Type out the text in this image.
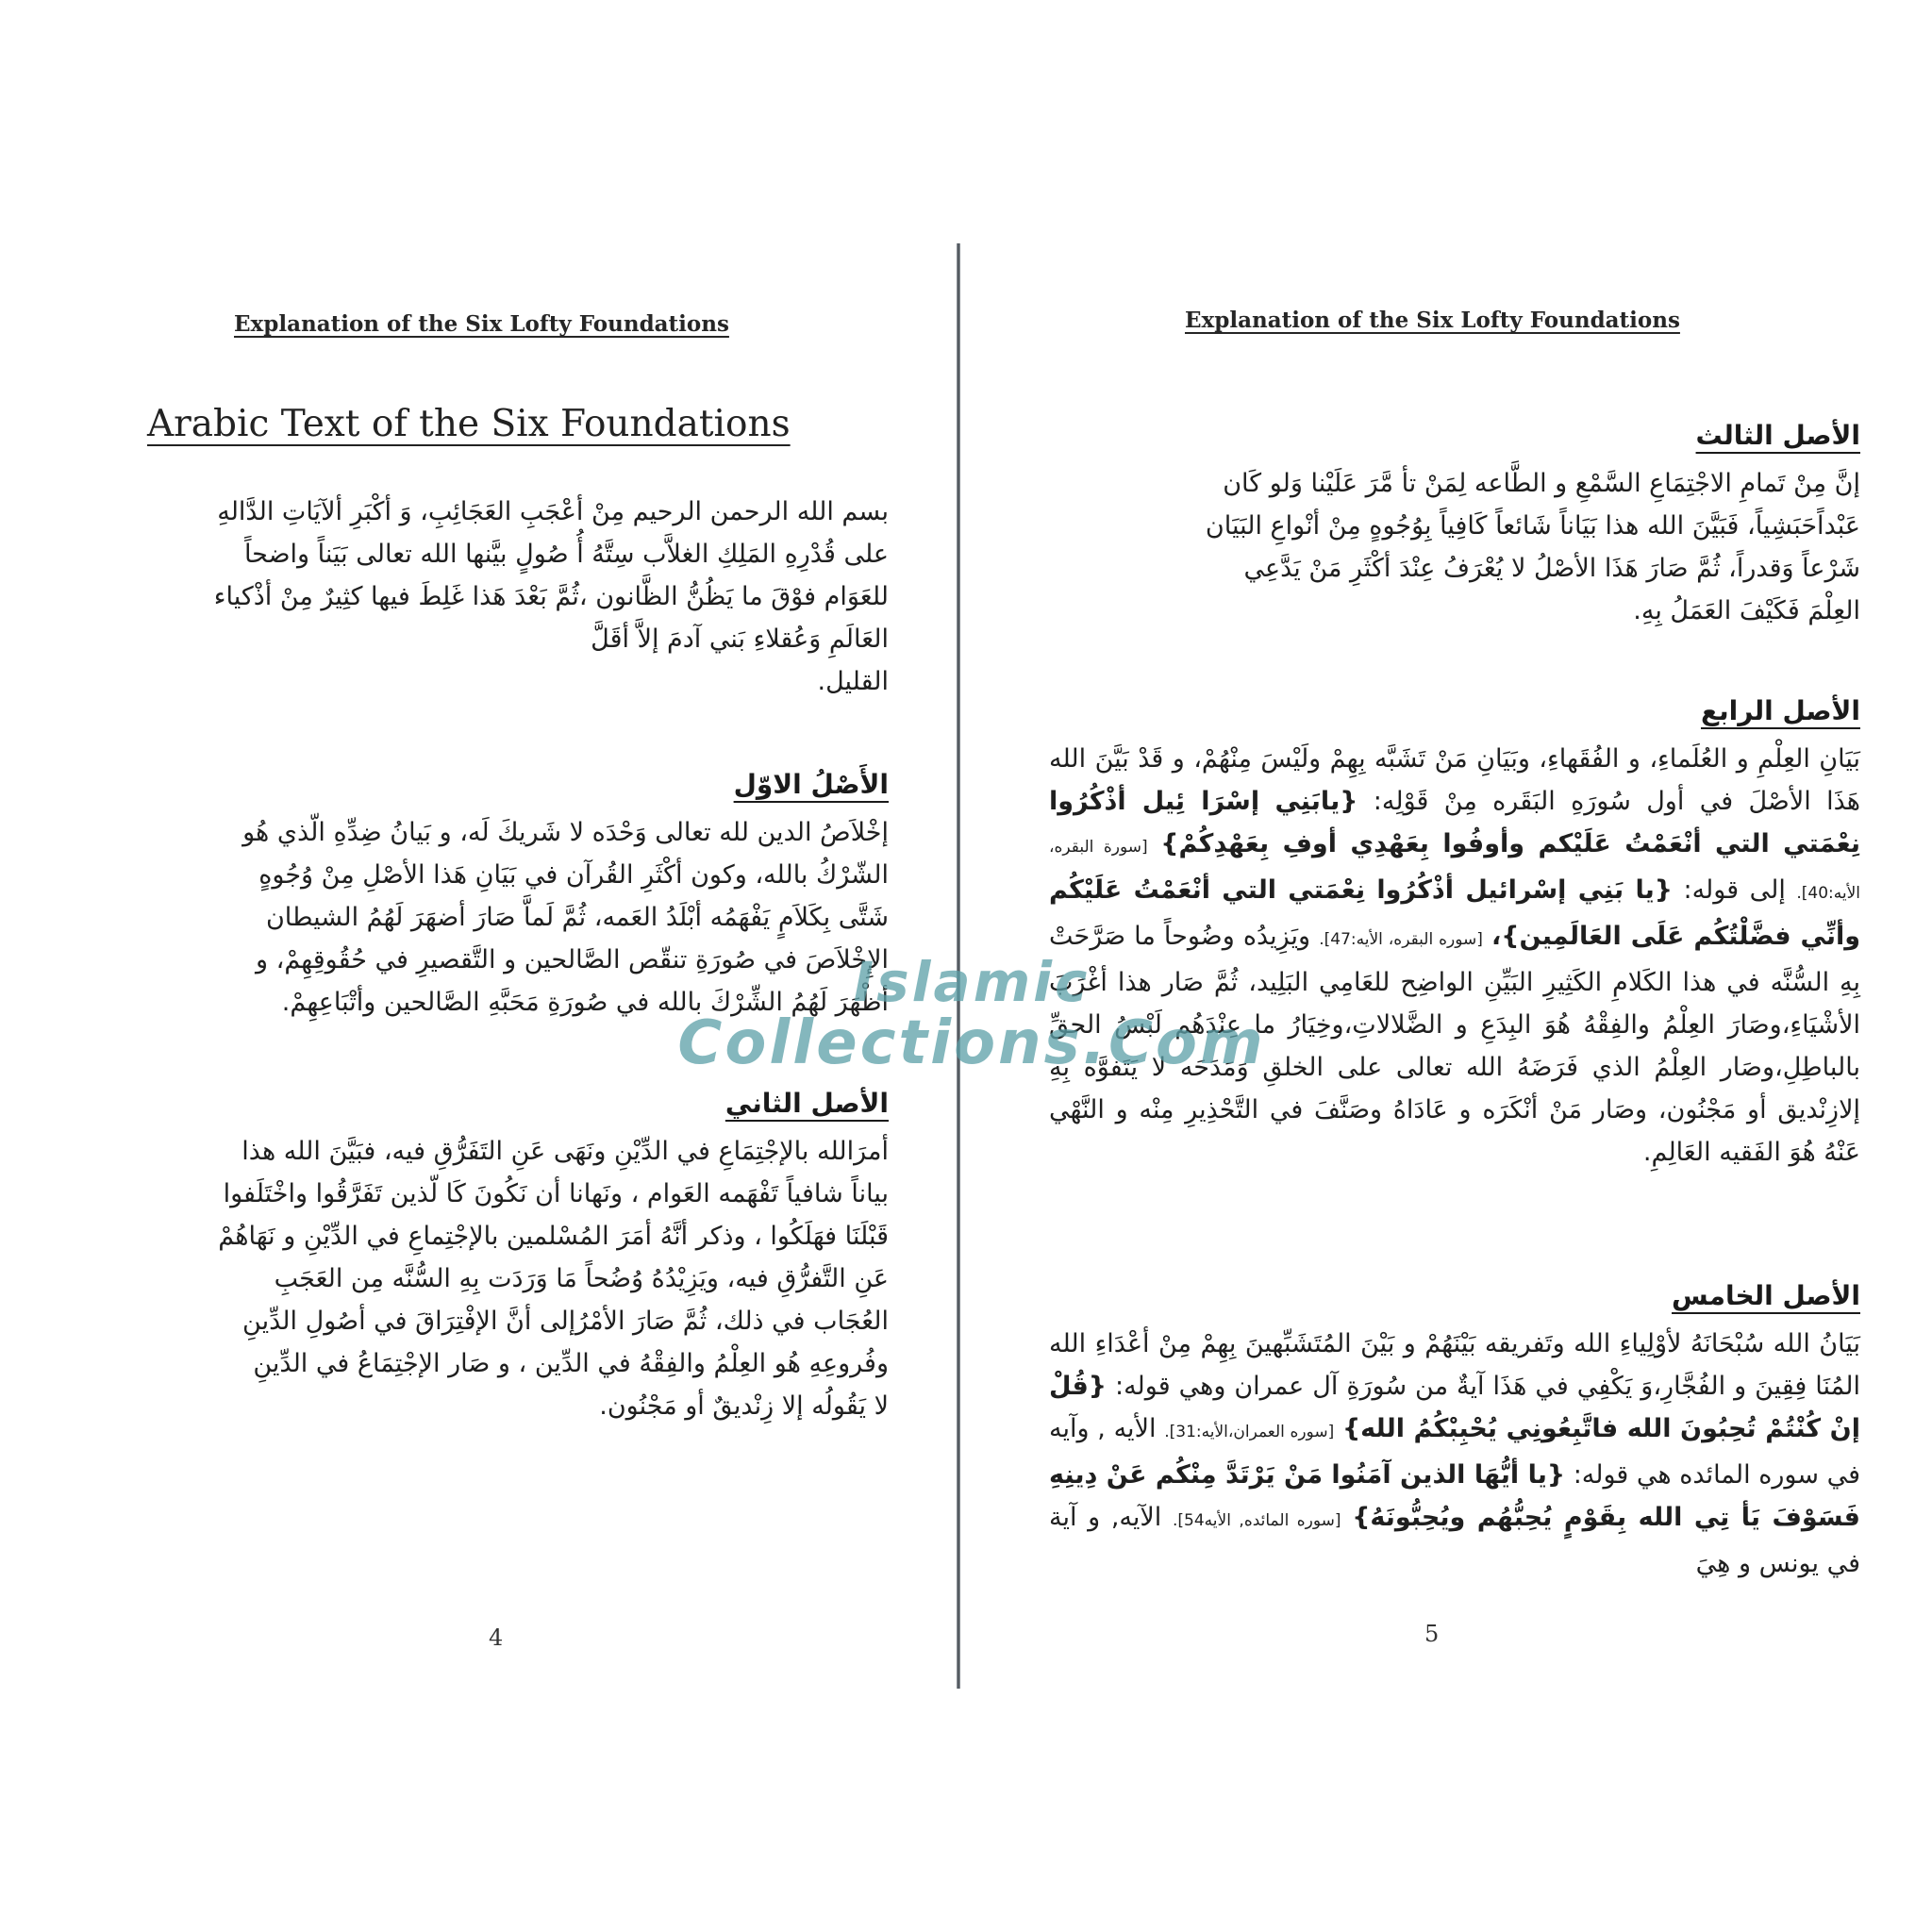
Explanation of the Six Lofty Foundations
Arabic Text of the Six Foundations

بسم الله الرحمن الرحيم مِنْ أعْجَبِ العَجَائِبِ، وَ أكْبَرِ ألآيَاتِ الدَّالهِ

على قُدْرِهِ المَلِكِ الغلاَّب سِتَّهُ أُ صُولٍ بيَّنها الله تعالى بَيَناً واضحاً

للعَوَام فوْقَ ما يَظُنُّ الظَّانون ،ثُمَّ بَعْدَ هَذا غَلِطَ فيها كثِيرٌ مِنْ أذْكياء

العَالَمِ وَعُقلاءِ بَني آدمَ إلاَّ أقَلَّ

القليل.

الأَصْلُ الاوّل

إخْلاَصُ الدين لله تعالى وَحْدَه لا شَريكَ لَه، و بَيانُ ضِدِّهِ الّذي هُو

الشّرْكُ بالله، وكون أكْثَرِ القُرآن في بَيَانِ هَذا الأصْلِ مِنْ وُجُوهٍ

شَتَّى بِكَلاَمٍ يَفْهَمُه أبْلَدُ العَمه، ثُمَّ لَماَّ صَارَ أضهَرَ لَهُمُ الشيطان

الإِخْلاَصَ في صُورَةِ تنقّص الصَّالحين و التَّقصيرِ في حُقُوقِهِمْ، و

أظْهَرَ لَهُمُ الشِّرْكَ بالله في صُورَةِ مَحَبَّهِ الصَّالحين وأتْبَاعِهِمْ.

الأصل الثاني

أمرَالله بالإجْتِمَاعِ في الدِّيْنِ ونَهَى عَنِ التَفَرُّقِ فيه، فبَيَّنَ الله هذا

بياناً شافياً تَفْهَمه العَوام ، ونَهانا أن نَكُونَ كَا لّذين تَفَرَّقُوا واخْتَلَفوا

قَبْلَنَا فهَلَكُوا ، وذكر أنَّهُ أمَرَ المُسْلمين بالإجْتِماعِ في الدِّيْنِ و نَهَاهُمْ

عَنِ التَّفرُّقِ فيه، ويَزِيْدُهُ وُضُحاً مَا وَرَدَت بِهِ السُّنَّه مِن العَجَبِ

العُجَاب في ذلك، ثُمَّ صَارَ الأمْرُإلى أنَّ الإفْتِرَاقَ في أصُولِ الدِّينِ

وفُروعِهِ هُو العِلْمُ والفِقْهُ في الدِّين ، و صَار الإجْتِمَاعُ في الدِّينِ

لا يَقُولُه إلا زِنْديقٌ أو مَجْنُون.

4
Explanation of the Six Lofty Foundations
الأصل الثالث

إنَّ مِنْ تَمامِ الاجْتِمَاعِ السَّمْعِ و الطَّاعه لِمَنْ تأ مَّرَ عَلَيْنا وَلو كَان

عَبْداًحَبَشِياً، فَبَيَّنَ الله هذا بَيَاناً شَائعاً كَافِياً بِوُجُوهٍ مِنْ أنْواعِ البَيَان

شَرْعاً وَقدراً، ثُمَّ صَارَ هَذَا الأصْلُ لا يُعْرَفُ عِنْدَ أكْثَرِ مَنْ يَدَّعِي

العِلْمَ فَكَيْفَ العَمَلُ بِهِ.

الأصل الرابع

بَيَانِ العِلْمِ و العُلَماءِ، و الفُقَهاءِ، وبَيَانِ مَنْ تَشَبَّه بِهِمْ ولَيْسَ مِنْهُمْ، و قَدْ بَيَّنَ الله هَذَا الأصْلَ في أول سُورَهِ البَقَره مِنْ قَوْلِه: {يابَنِي إسْرَا ئِيل أذْكُرُوا نِعْمَتي التي أنْعَمْتُ عَلَيْكم وأوفُوا بِعَهْدِي أوفِ بِعَهْدِكُمْ} [سورة البقره، الأيه:40]. إلى قوله: {يا بَنِي إسْرائيل أذْكُرُوا نِعْمَتي التي أنْعَمْتُ عَلَيْكُم وأنِّي فضَّلْتُكُم عَلَى العَالَمِين}، [سوره البقره، الأيه:47]. ويَزِيدُه وضُوحاً ما صَرَّحَتْ بِهِ السُّنَّه في هذا الكَلامِ الكَثِيرِ البَيِّنِ الواضِح للعَامِي البَلِيد، ثُمَّ صَار هذا أغْرَبَ الأشْيَاءِ،وصَارَ العِلْمُ والفِقْهُ هُوَ البِدَعِ و الضَّلالاتِ،وخِيَارُ ما عِنْدَهُم لَبْسُ الحقِّ بالباطِلِ،وصَار العِلْمُ الذي فَرَضَهُ الله تعالى على الخلقِ وَمَدَحَه لا يَتَفوَّه بِهِ إلازِنْديق أو مَجْنُون، وصَار مَنْ أنْكَرَه و عَادَاهُ وصَنَّفَ في التَّحْذِيرِ مِنْه و النَّهْي عَنْهُ هُوَ الفَقيه العَالِمِ.

الأصل الخامس

بَيَانُ الله سُبْحَانَهُ لأوْلِياءِ الله وتَفريقه بَيْنَهُمْ و بَيْنَ المُتَشَبِّهينَ بِهِمْ مِنْ أعْدَاءِ الله المُنَا فِقِينَ و الفُجَّارِ،وَ يَكْفِي في هَذَا آيةٌ من سُورَةِ آل عمران وهي قوله: {قُلْ إنْ كُنْتُمْ تُحِبُونَ الله فاتَّبِعُونِي يُحْبِبْكُمُ الله} [سوره العمران،الأيه:31]. الأيه , وآيه في سوره المائده هي قوله: {يا أيُّهَا الذين آمَنُوا مَنْ يَرْتَدَّ مِنْكُم عَنْ دِينِهِ فَسَوْفَ يَأ تِي الله بِقَوْمٍ يُحِبُّهُم ويُحِبُّونَهُ} [سوره المائده, الأيه54]. الآيه, و آية في يونس و هِيَ

5
Islamic
Collections.Com
